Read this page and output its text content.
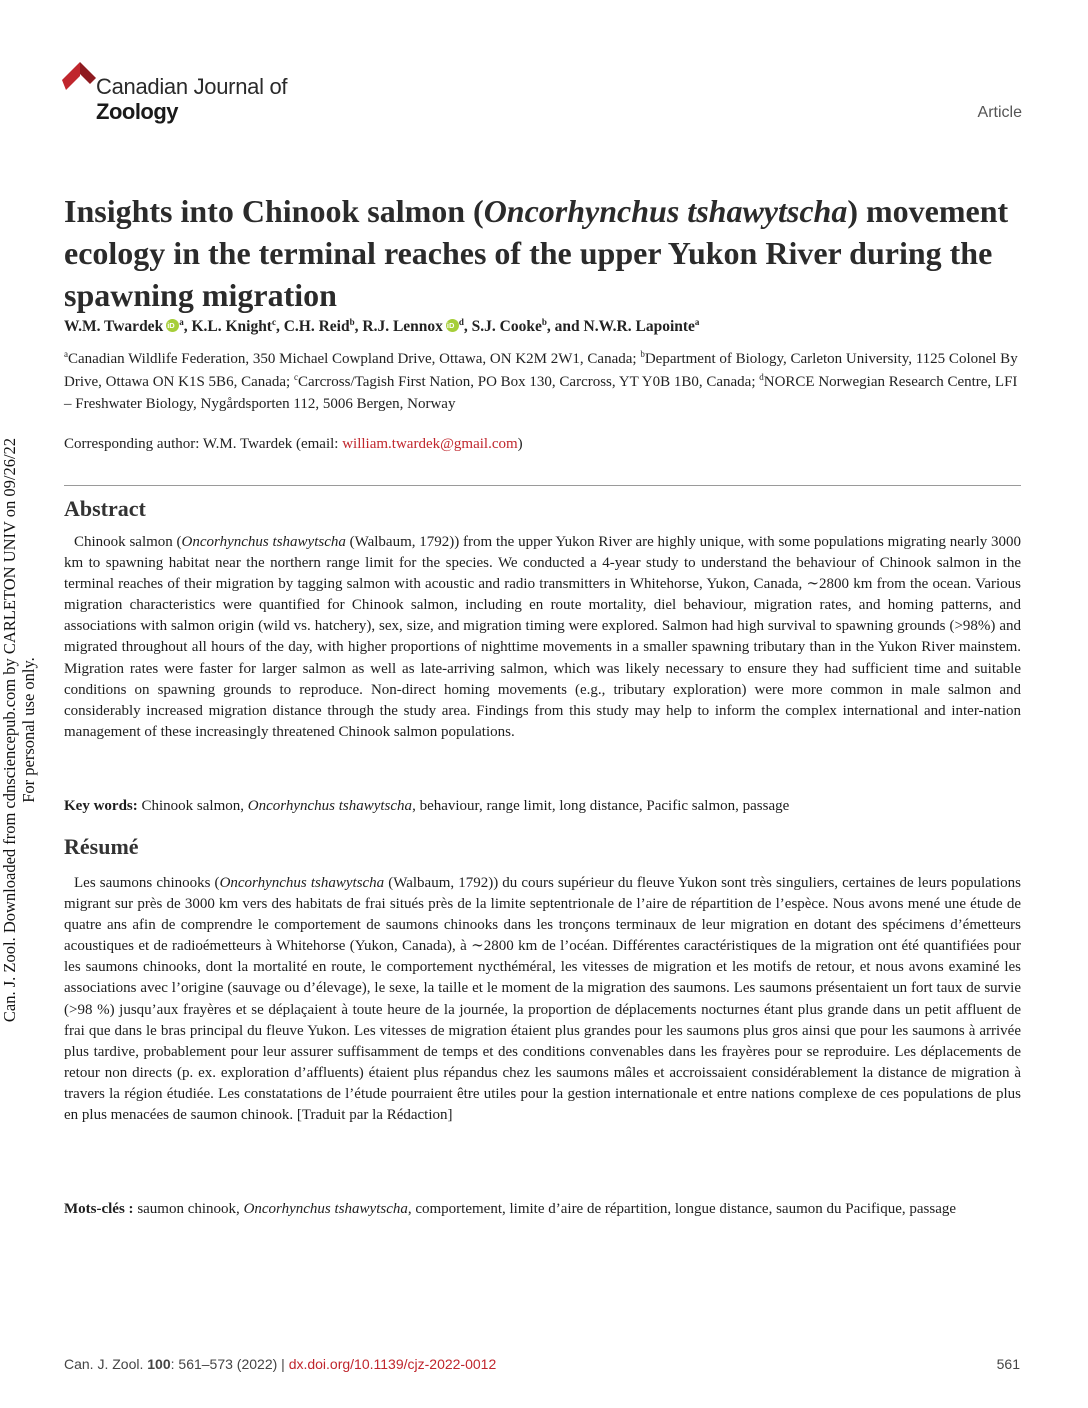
Canadian Journal of
Zoology	Article
Can. J. Zool. Downloaded from cdnsciencepub.com by CARLETON UNIV on 09/26/22 For personal use only.
Insights into Chinook salmon (Oncorhynchus tshawytscha) movement ecology in the terminal reaches of the upper Yukon River during the spawning migration
W.M. Twardek iD $^a$, K.L. Knight$^c$, C.H. Reid$^b$, R.J. Lennox iD $^d$, S.J. Cooke$^b$, and N.W.R. Lapointe$^a$
$^a$Canadian Wildlife Federation, 350 Michael Cowpland Drive, Ottawa, ON K2M 2W1, Canada; $^b$Department of Biology, Carleton University, 1125 Colonel By Drive, Ottawa ON K1S 5B6, Canada; $^c$Carcross/Tagish First Nation, PO Box 130, Carcross, YT Y0B 1B0, Canada; $^d$NORCE Norwegian Research Centre, LFI – Freshwater Biology, Nygårdsporten 112, 5006 Bergen, Norway
Corresponding author: W.M. Twardek (email: william.twardek@gmail.com)
Abstract

Chinook salmon (Oncorhynchus tshawytscha (Walbaum, 1792)) from the upper Yukon River are highly unique, with some populations migrating nearly 3000 km to spawning habitat near the northern range limit for the species. We conducted a 4-year study to understand the behaviour of Chinook salmon in the terminal reaches of their migration by tagging salmon with acoustic and radio transmitters in Whitehorse, Yukon, Canada, ∼2800 km from the ocean. Various migration characteristics were quantified for Chinook salmon, including en route mortality, diel behaviour, migration rates, and homing patterns, and associations with salmon origin (wild vs. hatchery), sex, size, and migration timing were explored. Salmon had high survival to spawning grounds (>98%) and migrated throughout all hours of the day, with higher proportions of nighttime movements in a smaller spawning tributary than in the Yukon River mainstem. Migration rates were faster for larger salmon as well as late-arriving salmon, which was likely necessary to ensure they had sufficient time and suitable conditions on spawning grounds to reproduce. Non-direct homing movements (e.g., tributary exploration) were more common in male salmon and considerably increased migration distance through the study area. Findings from this study may help to inform the complex international and inter-nation management of these increasingly threatened Chinook salmon populations.

Key words: Chinook salmon, Oncorhynchus tshawytscha, behaviour, range limit, long distance, Pacific salmon, passage

Résumé

Les saumons chinooks (Oncorhynchus tshawytscha (Walbaum, 1792)) du cours supérieur du fleuve Yukon sont très singuliers, certaines de leurs populations migrant sur près de 3000 km vers des habitats de frai situés près de la limite septentrionale de l’aire de répartition de l’espèce. Nous avons mené une étude de quatre ans afin de comprendre le comportement de saumons chinooks dans les tronçons terminaux de leur migration en dotant des spécimens d’émetteurs acoustiques et de radioémetteurs à Whitehorse (Yukon, Canada), à ∼2800 km de l’océan. Différentes caractéristiques de la migration ont été quantifiées pour les saumons chinooks, dont la mortalité en route, le comportement nycthéméral, les vitesses de migration et les motifs de retour, et nous avons examiné les associations avec l’origine (sauvage ou d’élevage), le sexe, la taille et le moment de la migration des saumons. Les saumons présentaient un fort taux de survie (>98 %) jusqu’aux frayères et se déplaçaient à toute heure de la journée, la proportion de déplacements nocturnes étant plus grande dans un petit affluent de frai que dans le bras principal du fleuve Yukon. Les vitesses de migration étaient plus grandes pour les saumons plus gros ainsi que pour les saumons à arrivée plus tardive, probablement pour leur assurer suffisamment de temps et des conditions convenables dans les frayères pour se reproduire. Les déplacements de retour non directs (p. ex. exploration d’affluents) étaient plus répandus chez les saumons mâles et accroissaient considérablement la distance de migration à travers la région étudiée. Les constatations de l’étude pourraient être utiles pour la gestion internationale et entre nations complexe de ces populations de plus en plus menacées de saumon chinook. [Traduit par la Rédaction]

Mots-clés : saumon chinook, Oncorhynchus tshawytscha, comportement, limite d’aire de répartition, longue distance, saumon du Pacifique, passage

Can. J. Zool. 100: 561–573 (2022) | dx.doi.org/10.1139/cjz-2022-0012	561
